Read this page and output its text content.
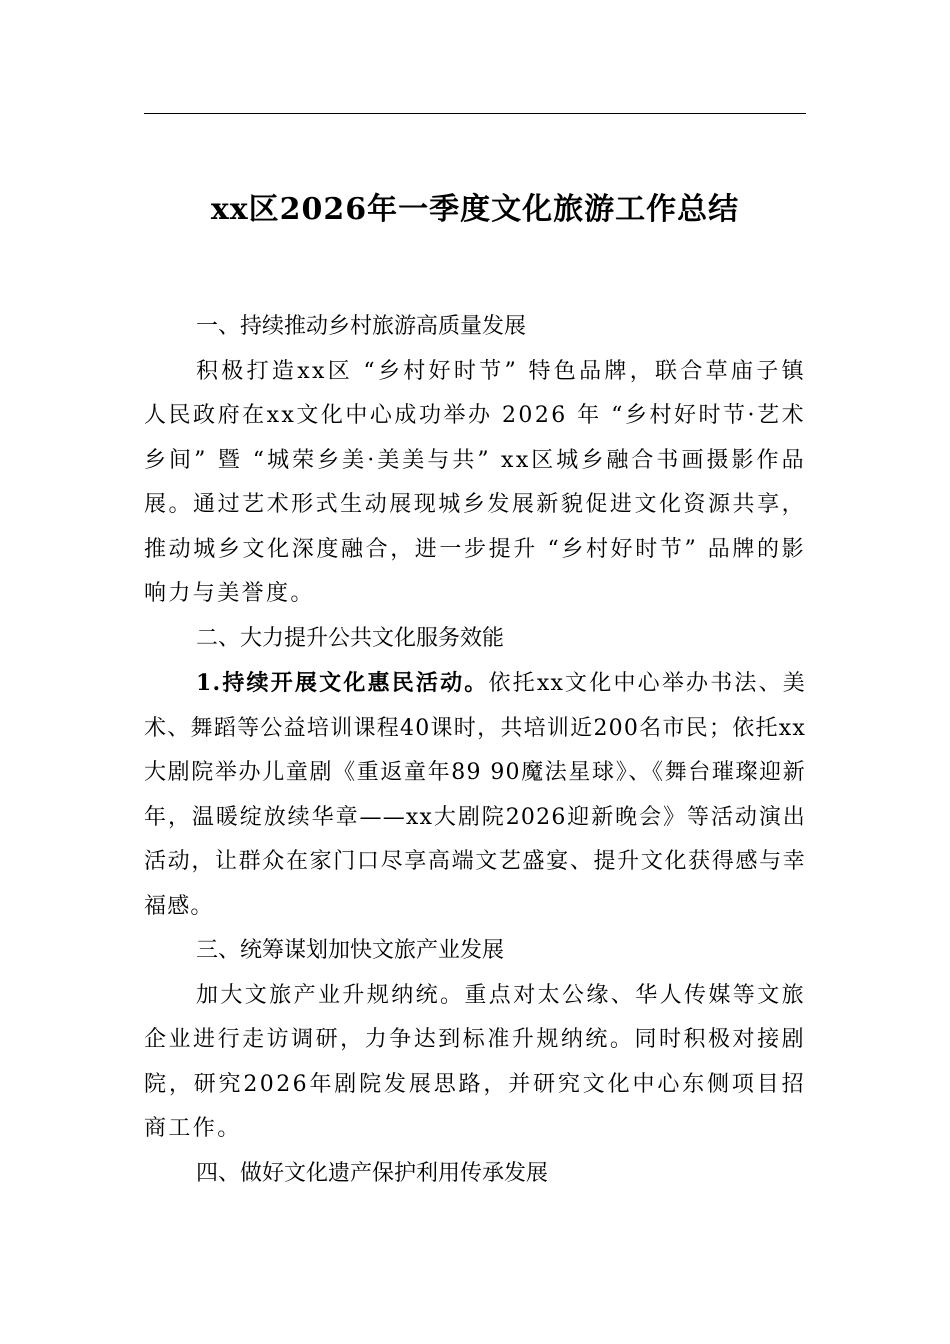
xx区2026年一季度文化旅游工作总结

一、持续推动乡村旅游高质量发展

积极打造xx区 “乡村好时节” 特色品牌，联合草庙子镇人民政府在xx文化中心成功举办 2026 年 “乡村好时节·艺术乡间” 暨 “城荣乡美·美美与共” xx区城乡融合书画摄影作品展。通过艺术形式生动展现城乡发展新貌促进文化资源共享，推动城乡文化深度融合，进一步提升 “乡村好时节” 品牌的影响力与美誉度。

二、大力提升公共文化服务效能

1.持续开展文化惠民活动。依托xx文化中心举办书法、美术、舞蹈等公益培训课程40课时，共培训近200名市民；依托xx大剧院举办儿童剧《重返童年89 90魔法星球》、《舞台璀璨迎新年，温暖绽放续华章——xx大剧院2026迎新晚会》等活动演出活动，让群众在家门口尽享高端文艺盛宴、提升文化获得感与幸福感。

三、统筹谋划加快文旅产业发展

加大文旅产业升规纳统。重点对太公缘、华人传媒等文旅企业进行走访调研，力争达到标准升规纳统。同时积极对接剧院，研究2026年剧院发展思路，并研究文化中心东侧项目招商工作。

四、做好文化遗产保护利用传承发展
